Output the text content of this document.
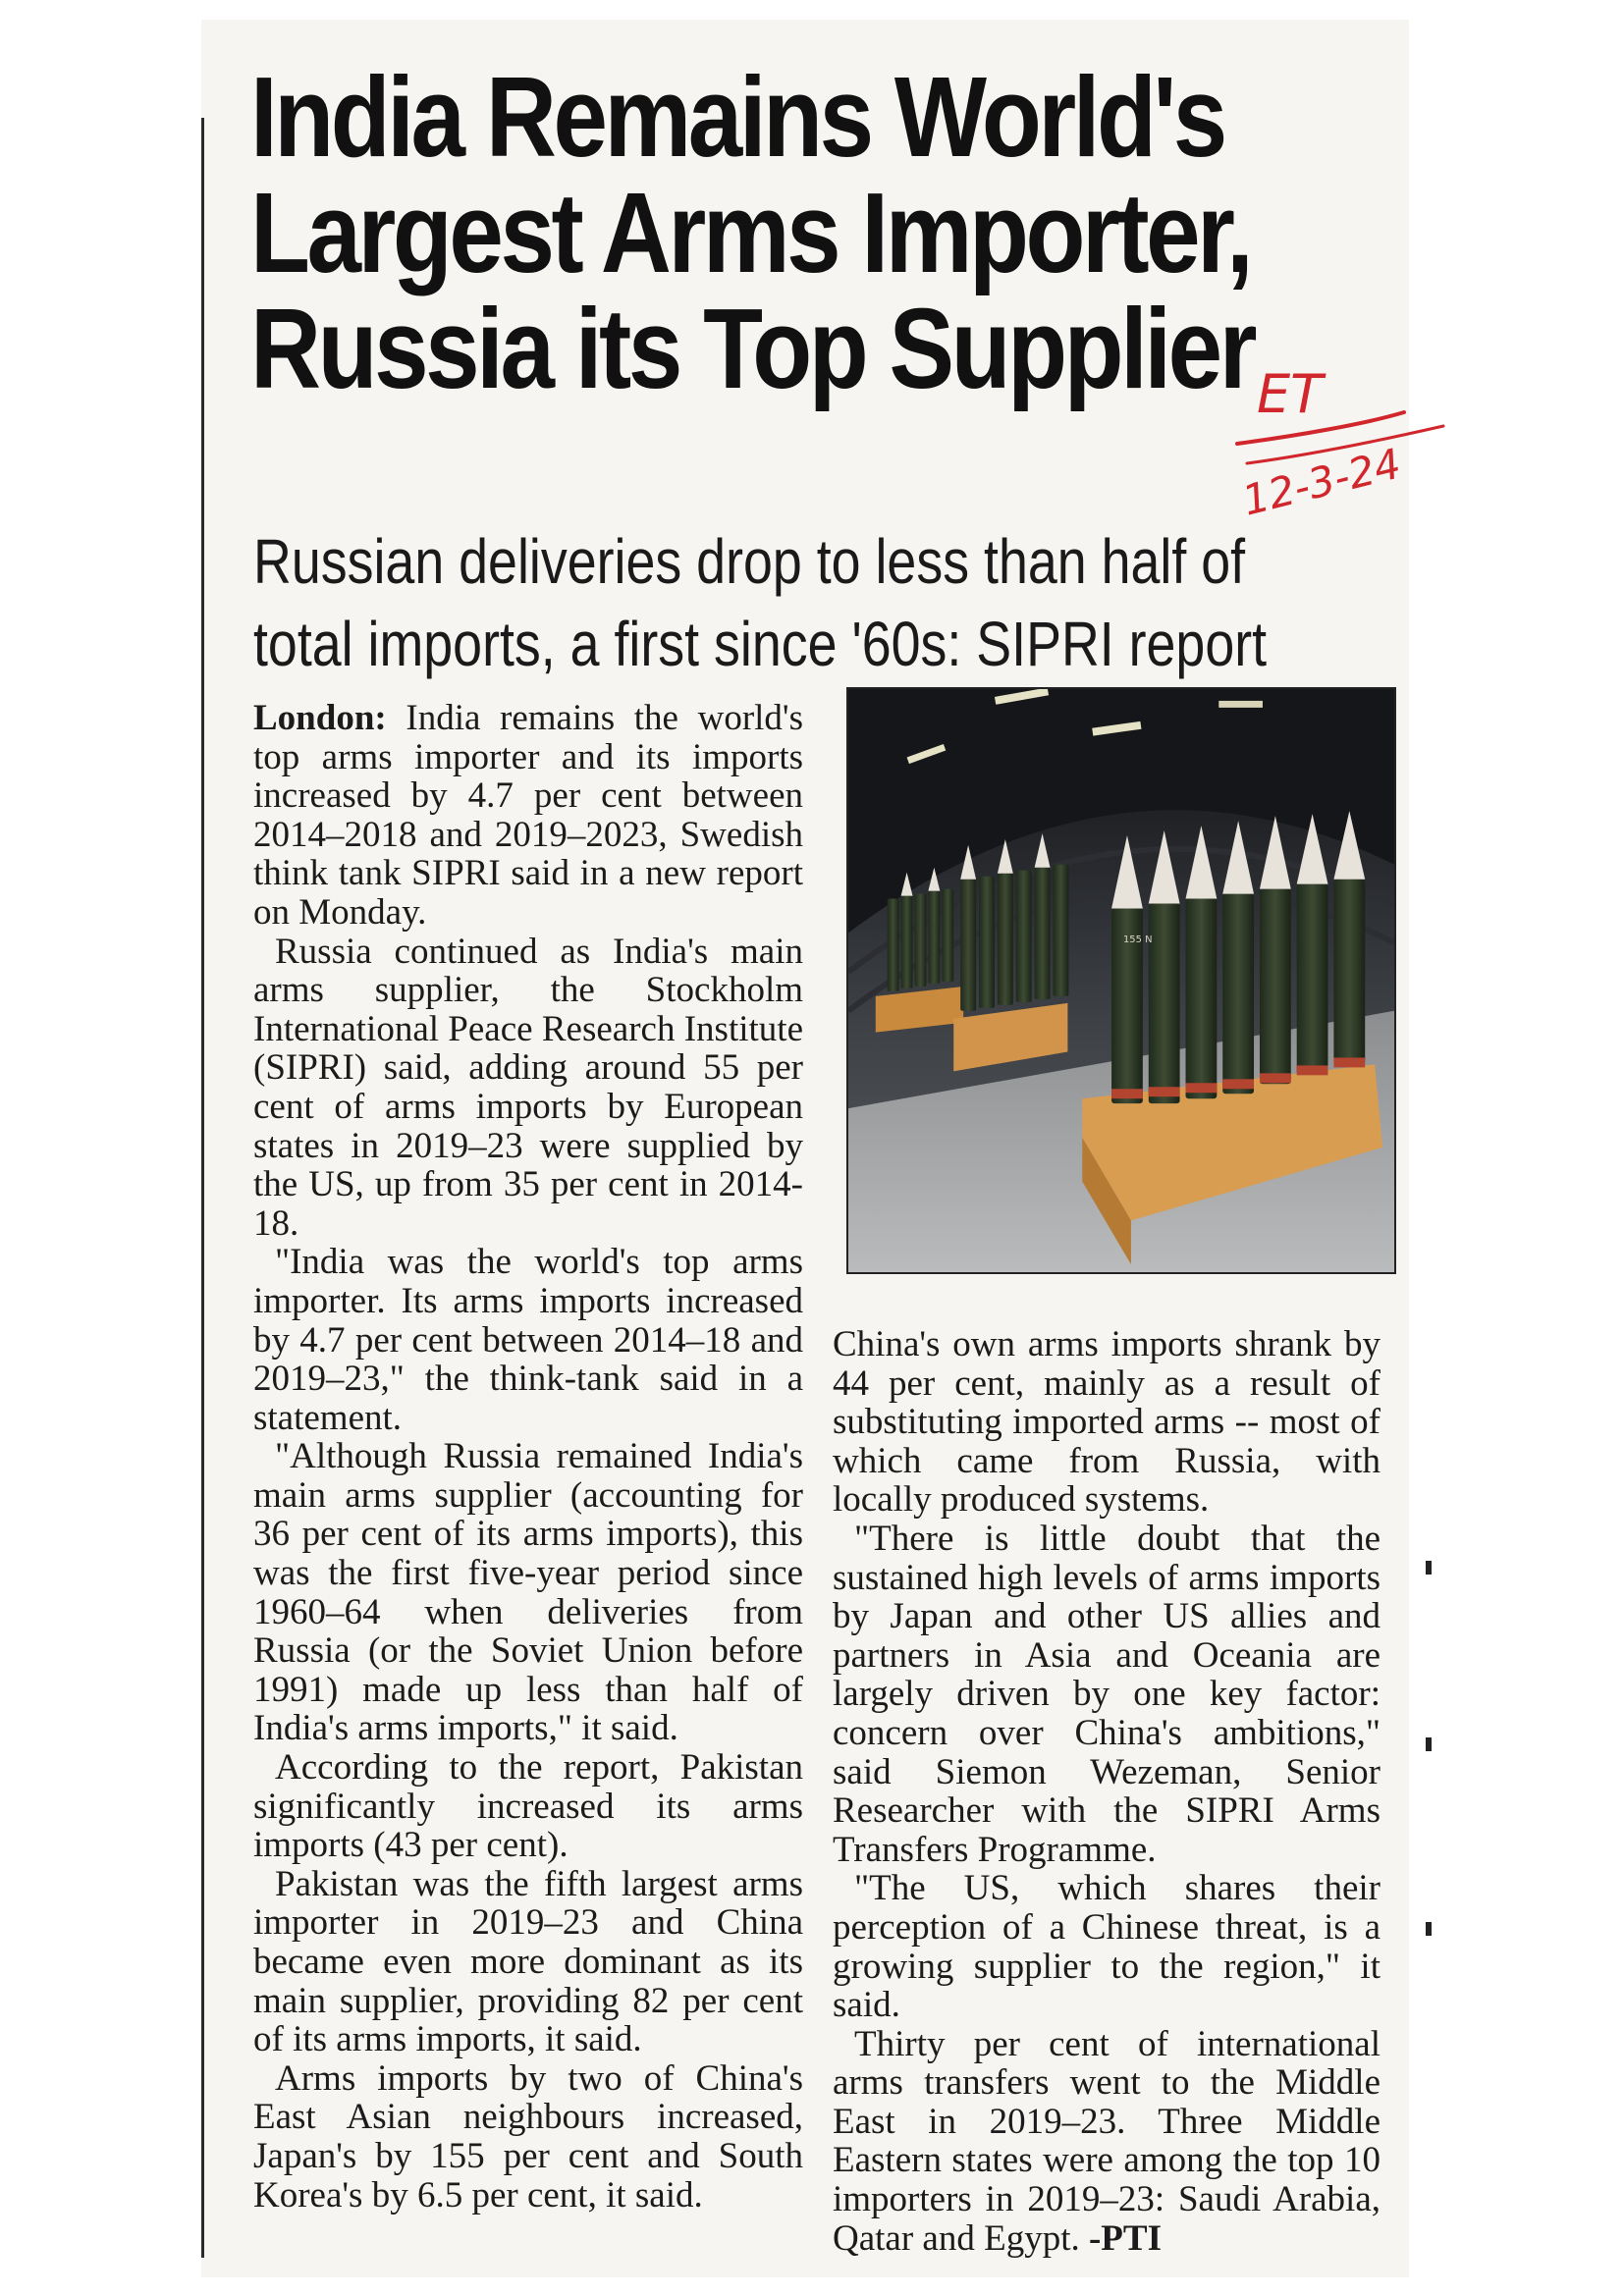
India Remains World's
Largest Arms Importer,
Russia its Top Supplier ET
12-3-24
Russian deliveries drop to less than half of
total imports, a first since '60s: SIPRI report
155 N

London: India remains the world's top arms importer and its imports increased by 4.7 per cent between 2014–2018 and 2019–2023, Swedish think tank SIPRI said in a new report on Monday.

Russia continued as India's main arms supplier, the Stockholm International Peace Research Institute (SIPRI) said, adding around 55 per cent of arms imports by European states in 2019–23 were supplied by the US, up from 35 per cent in 2014-18.

"India was the world's top arms importer. Its arms imports increased by 4.7 per cent between 2014–18 and 2019–23," the think-tank said in a statement.

"Although Russia remained India's main arms supplier (accounting for 36 per cent of its arms imports), this was the first five-year period since 1960–64 when deliveries from Russia (or the Soviet Union before 1991) made up less than half of India's arms imports," it said.

According to the report, Pakistan significantly increased its arms imports (43 per cent).

Pakistan was the fifth largest arms importer in 2019–23 and China became even more dominant as its main supplier, providing 82 per cent of its arms imports, it said.

Arms imports by two of China's East Asian neighbours increased, Japan's by 155 per cent and South Korea's by 6.5 per cent, it said.

China's own arms imports shrank by 44 per cent, mainly as a result of substituting imported arms -- most of which came from Russia, with locally produced systems.

"There is little doubt that the sustained high levels of arms imports by Japan and other US allies and partners in Asia and Oceania are largely driven by one key factor: concern over China's ambitions," said Siemon Wezeman, Senior Researcher with the SIPRI Arms Transfers Programme.

"The US, which shares their perception of a Chinese threat, is a growing supplier to the region," it said.

Thirty per cent of international arms transfers went to the Middle East in 2019–23. Three Middle Eastern states were among the top 10 importers in 2019–23: Saudi Arabia, Qatar and Egypt. -PTI
